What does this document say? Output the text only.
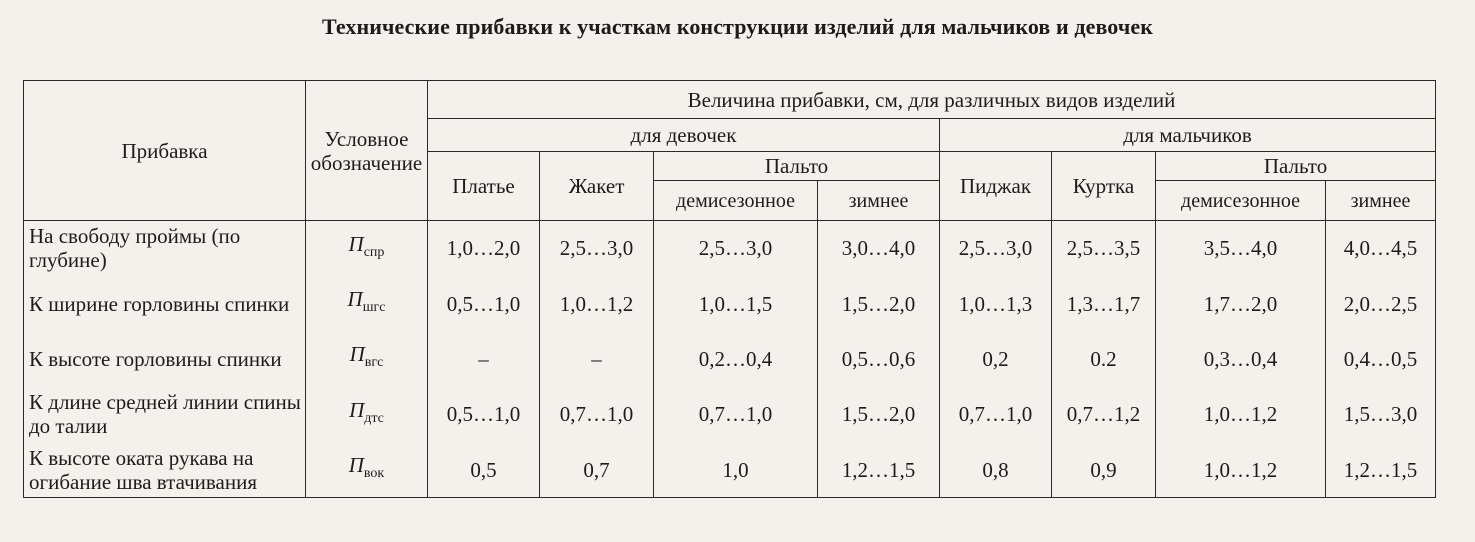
Технические прибавки к участкам конструкции изделий для мальчиков и девочек
Прибавка	Условное обозначение	Величина прибавки, см, для различных видов изделий							
		для девочек				для мальчиков			
		Платье	Жакет	Пальто		Пиджак	Куртка	Пальто	
				демисезонное	зимнее			демисезонное	зимнее
На свободу проймы (по глубине)	$П_{спр}$	1,0…2,0	2,5…3,0	2,5…3,0	3,0…4,0	2,5…3,0	2,5…3,5	3,5…4,0	4,0…4,5
К ширине горловины спинки	$П_{шгс}$	0,5…1,0	1,0…1,2	1,0…1,5	1,5…2,0	1,0…1,3	1,3…1,7	1,7…2,0	2,0…2,5
К высоте горловины спинки	$П_{вгс}$	–	–	0,2…0,4	0,5…0,6	0,2	0.2	0,3…0,4	0,4…0,5
К длине средней линии спины до талии	$П_{дтс}$	0,5…1,0	0,7…1,0	0,7…1,0	1,5…2,0	0,7…1,0	0,7…1,2	1,0…1,2	1,5…3,0
К высоте оката рукава на огибание шва втачивания	$П_{вок}$	0,5	0,7	1,0	1,2…1,5	0,8	0,9	1,0…1,2	1,2…1,5
